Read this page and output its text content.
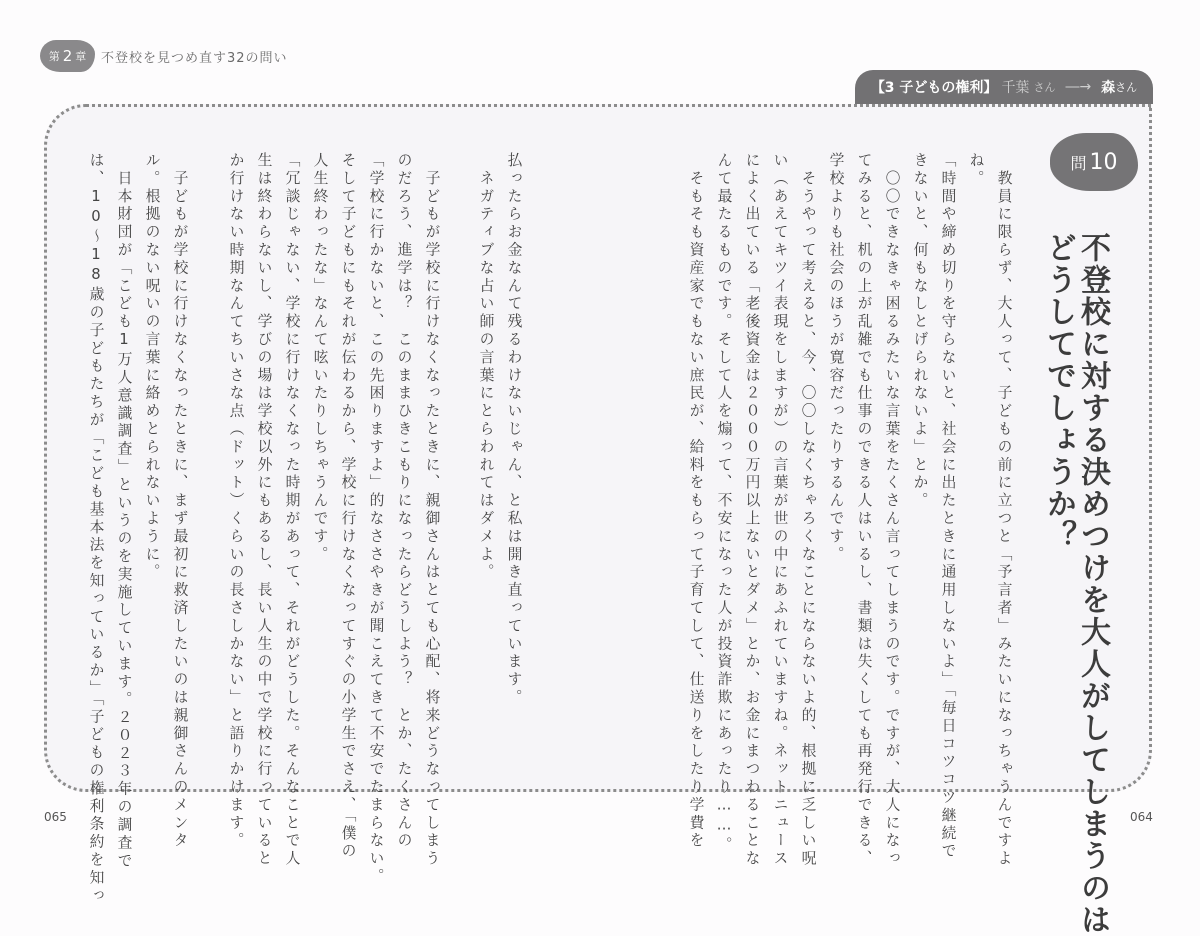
第 2 章 不登校を見つめ直す32の問い
【3 子どもの権利】 千葉 さん ―→ 森 さん
問 10
不登校に対する決めつけを大人がしてしまうのは
どうしてでしょうか？
　教員に限らず、大人って、子どもの前に立つと「予言者」みたいになっちゃうんですよ
ね。
「時間や締め切りを守らないと、社会に出たときに通用しないよ」「毎日コツコツ継続で
きないと、何もなしとげられないよ」とか。
　〇〇できなきゃ困るみたいな言葉をたくさん言ってしまうのです。ですが、大人になっ
てみると、机の上が乱雑でも仕事のできる人はいるし、書類は失くしても再発行できる、
学校よりも社会のほうが寛容だったりするんです。
　そうやって考えると、今、〇〇しなくちゃろくなことにならないよ的、根拠に乏しい呪
い（あえてキツイ表現をしますが）の言葉が世の中にあふれていますね。ネットニュース
によく出ている「老後資金は２０００万円以上ないとダメ」とか、お金にまつわることな
んて最たるものです。そして人を煽って、不安になった人が投資詐欺にあったり……。
　そもそも資産家でもない庶民が、給料をもらって子育てして、仕送りをしたり学費を
払ったらお金なんて残るわけないじゃん、と私は開き直っています。
　ネガティブな占い師の言葉にとらわれてはダメよ。
　子どもが学校に行けなくなったときに、親御さんはとても心配、将来どうなってしまう
のだろう、進学は？　このままひきこもりになったらどうしよう？　とか、たくさんの
「学校に行かないと、この先困りますよ」的なささやきが聞こえてきて不安でたまらない。
そして子どもにもそれが伝わるから、学校に行けなくなってすぐの小学生でさえ、「僕の
人生終わったな」なんて呟いたりしちゃうんです。
「冗談じゃない、学校に行けなくなった時期があって、それがどうした。そんなことで人
生は終わらないし、学びの場は学校以外にもあるし、長い人生の中で学校に行っていると
か行けない時期なんてちいさな点（ドット）くらいの長さしかない」と語りかけます。
　子どもが学校に行けなくなったときに、まず最初に救済したいのは親御さんのメンタ
ル。根拠のない呪いの言葉に絡めとられないように。
　日本財団が「こども1万人意識調査」というのを実施しています。２０２３年の調査で
は、10〜18歳の子どもたちが「こども基本法を知っているか」「子どもの権利条約を知っ
065	064
